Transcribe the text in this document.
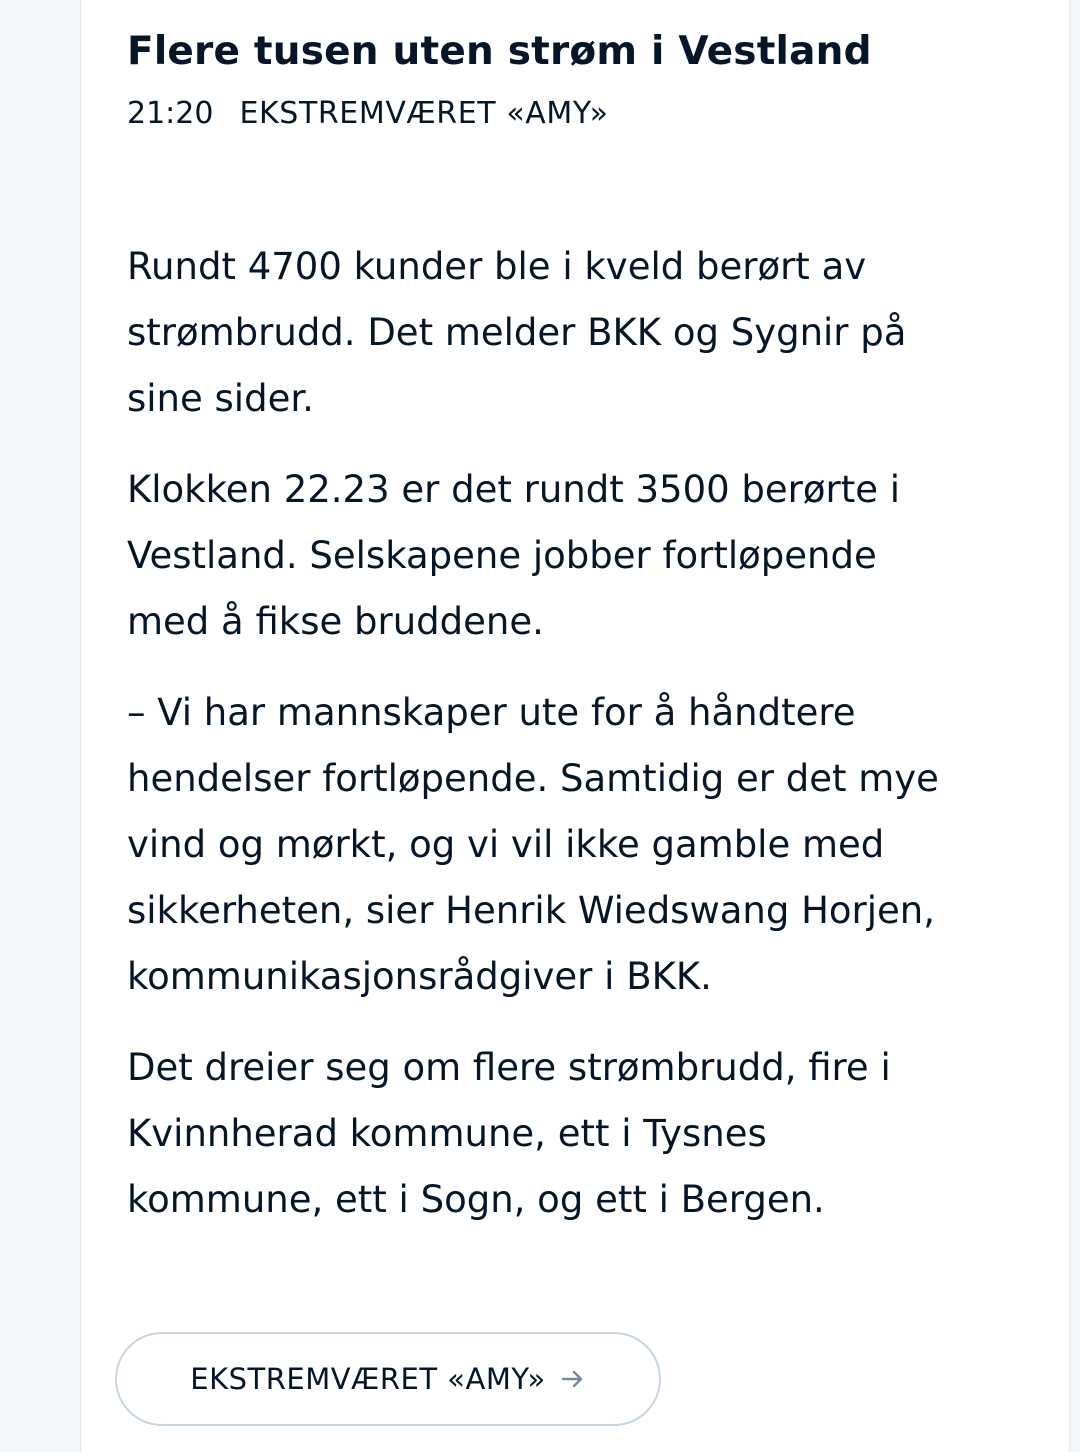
Flere tusen uten strøm i Vestland
21:20 EKSTREMVÆRET «AMY»

Rundt 4700 kunder ble i kveld berørt av strømbrudd. Det melder BKK og Sygnir på sine sider.

Klokken 22.23 er det rundt 3500 berørte i Vestland. Selskapene jobber fortløpende med å fikse bruddene.

– Vi har mannskaper ute for å håndtere hendelser fortløpende. Samtidig er det mye vind og mørkt, og vi vil ikke gamble med sikkerheten, sier Henrik Wiedswang Horjen, kommunikasjonsrådgiver i BKK.

Det dreier seg om flere strømbrudd, fire i Kvinnherad kommune, ett i Tysnes kommune, ett i Sogn, og ett i Bergen.

EKSTREMVÆRET «AMY»
